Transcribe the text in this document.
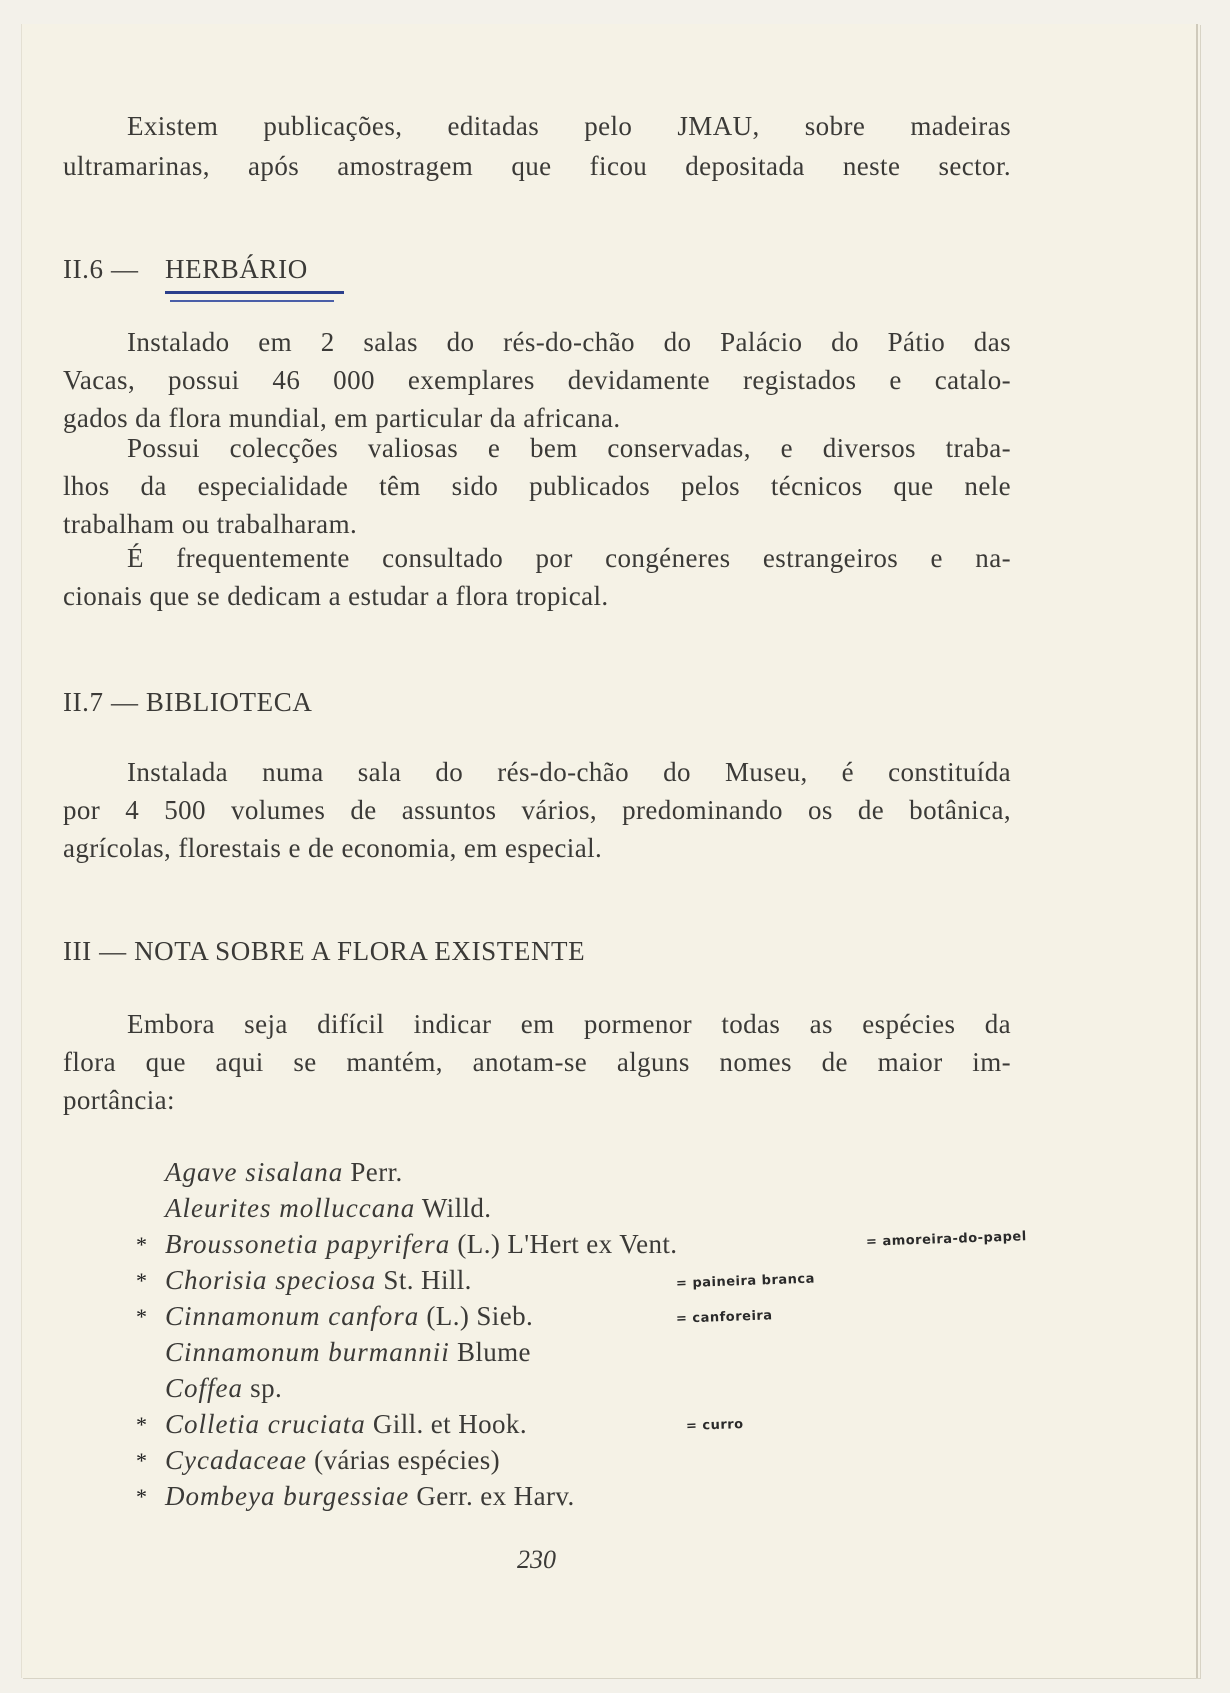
Existem publicações, editadas pelo JMAU, sobre madeiras
ultramarinas, após amostragem que ficou depositada neste sector.
II.6 — HERBÁRIO
Instalado em 2 salas do rés-do-chão do Palácio do Pátio das
Vacas, possui 46 000 exemplares devidamente registados e catalo-
gados da flora mundial, em particular da africana.
Possui colecções valiosas e bem conservadas, e diversos traba-
lhos da especialidade têm sido publicados pelos técnicos que nele
trabalham ou trabalharam.
É frequentemente consultado por congéneres estrangeiros e na-
cionais que se dedicam a estudar a flora tropical.
II.7 — BIBLIOTECA
Instalada numa sala do rés-do-chão do Museu, é constituída
por 4 500 volumes de assuntos vários, predominando os de botânica,
agrícolas, florestais e de economia, em especial.
III — NOTA SOBRE A FLORA EXISTENTE
Embora seja difícil indicar em pormenor todas as espécies da
flora que aqui se mantém, anotam-se alguns nomes de maior im-
portância:
Agave sisalana Perr.
Aleurites molluccana Willd.
* Broussonetia papyrifera (L.) L'Hert ex Vent.	= amoreira-do-papel
* Chorisia speciosa St. Hill.	= paineira branca
* Cinnamonum canfora (L.) Sieb.	= canforeira
Cinnamonum burmannii Blume
Coffea sp.
* Colletia cruciata Gill. et Hook.	= curro
* Cycadaceae (várias espécies)
* Dombeya burgessiae Gerr. ex Harv.
230
